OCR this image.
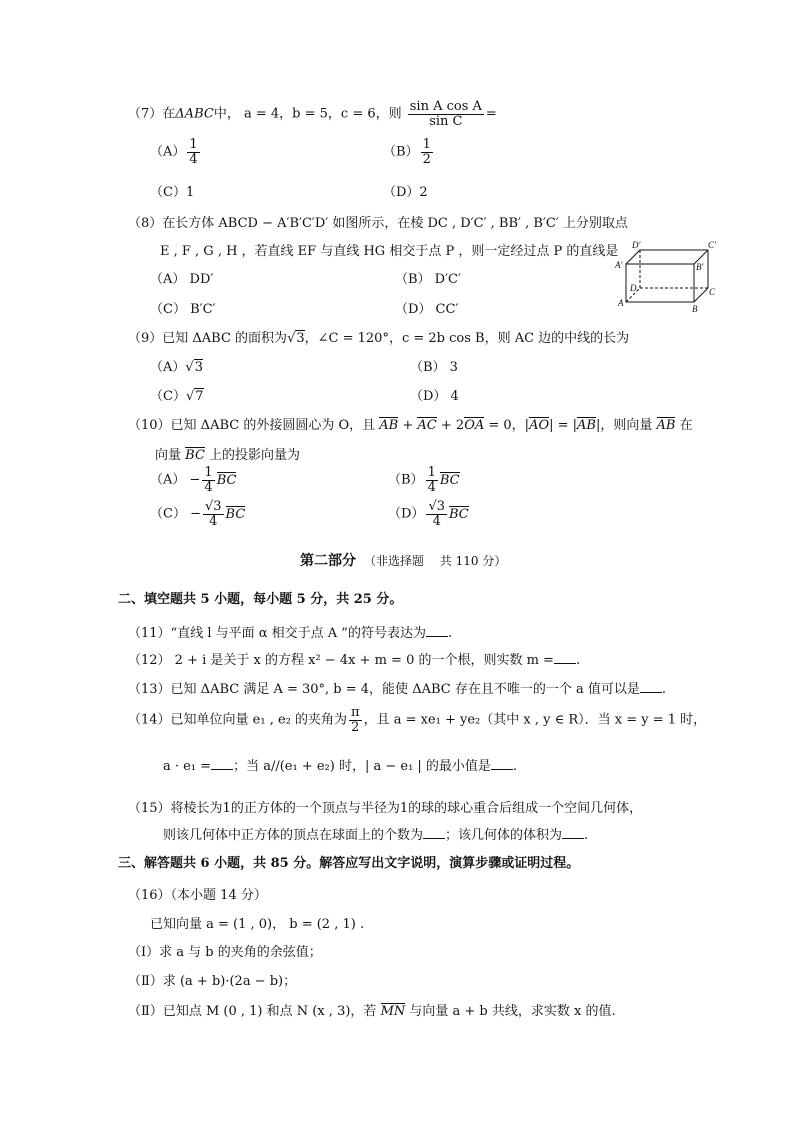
（7）在ΔABC中， a = 4，b = 5，c = 6，则 $\frac{\text{sin A cos A}}{\text{sin C}}$ =
$(A) \frac{1}{4}$	$(B) \frac{1}{2}$
（C）1	（D）2
（8）在长方体 ABCD − A′B′C′D′ 如图所示，在棱 DC , D′C′ , BB′ , B′C′ 上分别取点
E , F , G , H ，若直线 EF 与直线 HG 相交于点 P ，则一定经过点 P 的直线是
（A） DD′	（B） D′C′
（C） B′C′	（D） CC′
D′	C′
A′	B′
D	C
A
B
（9）已知 ΔABC 的面积为√3，∠C = 120°，c = 2b cos B，则 AC 边的中线的长为
（A）√3	（B） 3
（C）√7	（D） 4
（10）已知 ΔABC 的外接圆圆心为 O，且 AB + AC + 2OA = 0，|AO| = |AB|，则向量 AB 在
向量 BC 上的投影向量为
$(A) - \frac{1}{4}$ BC	$(B) \frac{1}{4}$ BC
$(C) - \frac{√3}{4}$ BC	$(D) \frac{√3}{4}$ BC
第二部分 （非选择题　 共 110 分）
二、填空题共 5 小题，每小题 5 分，共 25 分。
（11）“直线 l 与平面 α 相交于点 A ”的符号表达为 .
（12） 2 + i 是关于 x 的方程 x² − 4x + m = 0 的一个根，则实数 m = .
（13）已知 ΔABC 满足 A = 30°, b = 4，能使 ΔABC 存在且不唯一的一个 a 值可以是 .
（14）已知单位向量 e₁ , e₂ 的夹角为 $\frac{\pi}{2}$ ，且 a = xe₁ + ye₂（其中 x , y ∈ R）．当 x = y = 1 时，
a · e₁ = ；当 a//(e₁ + e₂) 时，| a − e₁ | 的最小值是 .
（15）将棱长为1的正方体的一个顶点与半径为1的球的球心重合后组成一个空间几何体，
则该几何体中正方体的顶点在球面上的个数为 ；该几何体的体积为 .
三、解答题共 6 小题，共 85 分。解答应写出文字说明，演算步骤或证明过程。
（16）（本小题 14 分）
已知向量 a = (1 , 0)， b = (2 , 1) .
（Ⅰ）求 a 与 b 的夹角的余弦值；
（Ⅱ）求 (a + b)·(2a − b)；
（Ⅱ）已知点 M (0 , 1) 和点 N (x , 3)，若 MN 与向量 a + b 共线，求实数 x 的值.
